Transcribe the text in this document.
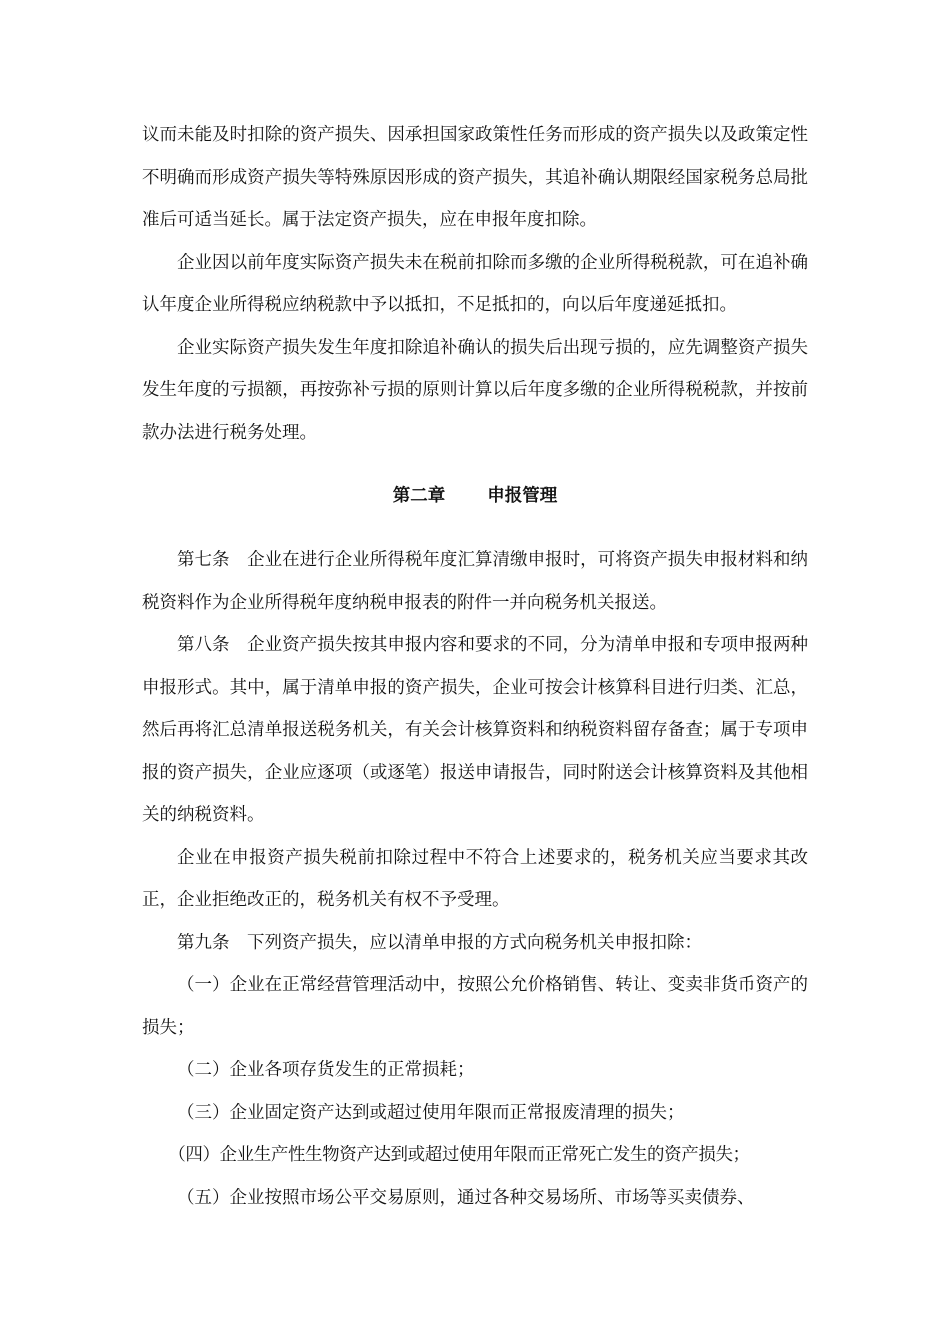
议而未能及时扣除的资产损失、因承担国家政策性任务而形成的资产损失以及政策定性不明确而形成资产损失等特殊原因形成的资产损失，其追补确认期限经国家税务总局批准后可适当延长。属于法定资产损失，应在申报年度扣除。

企业因以前年度实际资产损失未在税前扣除而多缴的企业所得税税款，可在追补确认年度企业所得税应纳税款中予以抵扣，不足抵扣的，向以后年度递延抵扣。

企业实际资产损失发生年度扣除追补确认的损失后出现亏损的，应先调整资产损失发生年度的亏损额，再按弥补亏损的原则计算以后年度多缴的企业所得税税款，并按前款办法进行税务处理。

第二章 申报管理

第七条　企业在进行企业所得税年度汇算清缴申报时，可将资产损失申报材料和纳税资料作为企业所得税年度纳税申报表的附件一并向税务机关报送。

第八条　企业资产损失按其申报内容和要求的不同，分为清单申报和专项申报两种申报形式。其中，属于清单申报的资产损失，企业可按会计核算科目进行归类、汇总，然后再将汇总清单报送税务机关，有关会计核算资料和纳税资料留存备查；属于专项申报的资产损失，企业应逐项（或逐笔）报送申请报告，同时附送会计核算资料及其他相关的纳税资料。

企业在申报资产损失税前扣除过程中不符合上述要求的，税务机关应当要求其改正，企业拒绝改正的，税务机关有权不予受理。

第九条　下列资产损失，应以清单申报的方式向税务机关申报扣除：

（一）企业在正常经营管理活动中，按照公允价格销售、转让、变卖非货币资产的损失；

（二）企业各项存货发生的正常损耗；

（三）企业固定资产达到或超过使用年限而正常报废清理的损失；

（四）企业生产性生物资产达到或超过使用年限而正常死亡发生的资产损失；

（五）企业按照市场公平交易原则，通过各种交易场所、市场等买卖债券、
